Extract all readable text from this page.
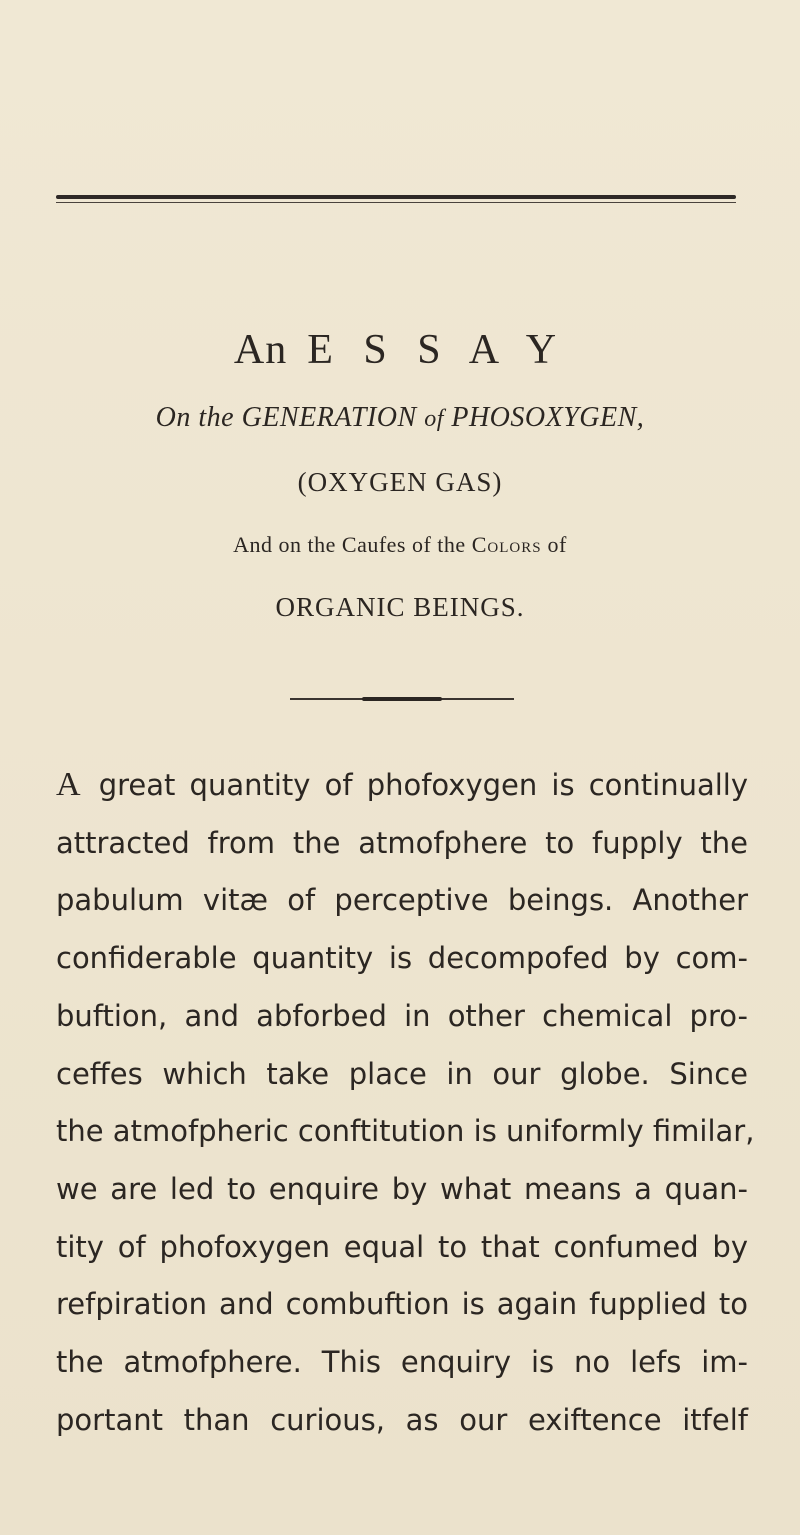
An E S S A Y
On the GENERATION of PHOSOXYGEN,
(OXYGEN GAS)
And on the Caufes of the Colors of
ORGANIC BEINGS.
A great quantity of phofoxygen is continually
attracted from the atmofphere to fupply the
pabulum vitæ of perceptive beings. Another
confiderable quantity is decompofed by com-
buftion, and abforbed in other chemical pro-
ceffes which take place in our globe. Since
the atmofpheric conftitution is uniformly fimilar,
we are led to enquire by what means a quan-
tity of phofoxygen equal to that confumed by
refpiration and combuftion is again fupplied to
the atmofphere. This enquiry is no lefs im-
portant than curious, as our exiftence itfelf
